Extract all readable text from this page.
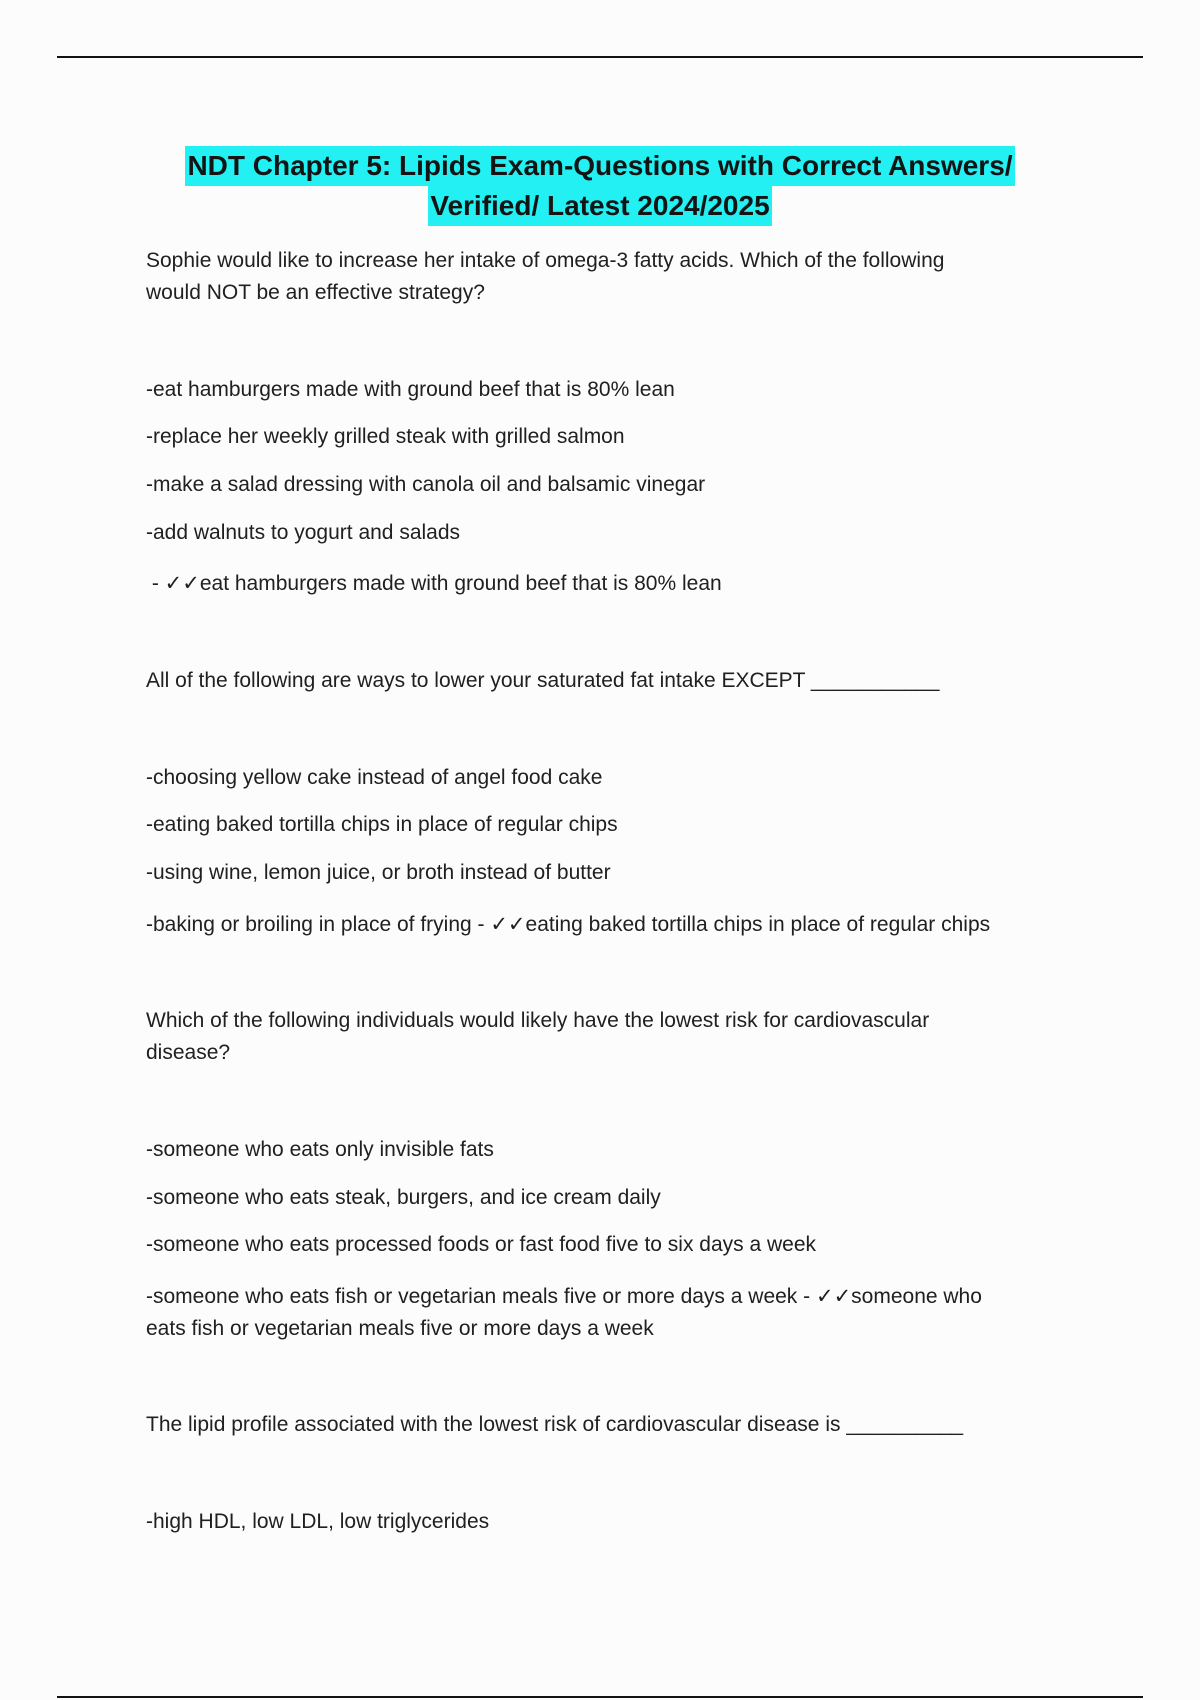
NDT Chapter 5: Lipids Exam-Questions with Correct Answers/
Verified/ Latest 2024/2025

Sophie would like to increase her intake of omega-3 fatty acids. Which of the following

would NOT be an effective strategy?

-eat hamburgers made with ground beef that is 80% lean

-replace her weekly grilled steak with grilled salmon

-make a salad dressing with canola oil and balsamic vinegar

-add walnuts to yogurt and salads

- ✓✓eat hamburgers made with ground beef that is 80% lean

All of the following are ways to lower your saturated fat intake EXCEPT ___________

-choosing yellow cake instead of angel food cake

-eating baked tortilla chips in place of regular chips

-using wine, lemon juice, or broth instead of butter

-baking or broiling in place of frying - ✓✓eating baked tortilla chips in place of regular chips

Which of the following individuals would likely have the lowest risk for cardiovascular

disease?

-someone who eats only invisible fats

-someone who eats steak, burgers, and ice cream daily

-someone who eats processed foods or fast food five to six days a week

-someone who eats fish or vegetarian meals five or more days a week - ✓✓someone who

eats fish or vegetarian meals five or more days a week

The lipid profile associated with the lowest risk of cardiovascular disease is __________

-high HDL, low LDL, low triglycerides
